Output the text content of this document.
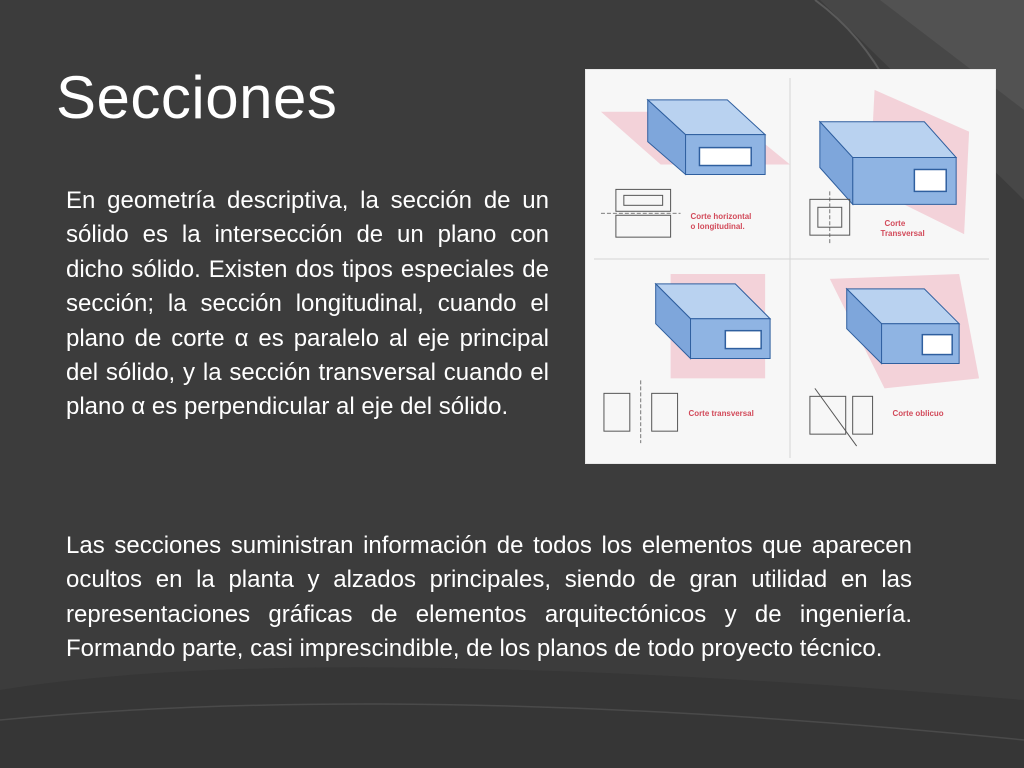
Secciones

En geometría descriptiva, la sección de un sólido es la intersección de un plano con dicho sólido. Existen dos tipos especiales de sección; la sección longitudinal, cuando el plano de corte α es paralelo al eje principal del sólido, y la sección transversal cuando el plano α es perpendicular al eje del sólido.

Corte horizontal
o longitudinal.	Corte
Transversal
Corte transversal	Corte oblicuo

Las secciones suministran información de todos los elementos que aparecen ocultos en la planta y alzados principales, siendo de gran utilidad en las representaciones gráficas de elementos arquitectónicos y de ingeniería. Formando parte, casi imprescindible, de los planos de todo proyecto técnico.
